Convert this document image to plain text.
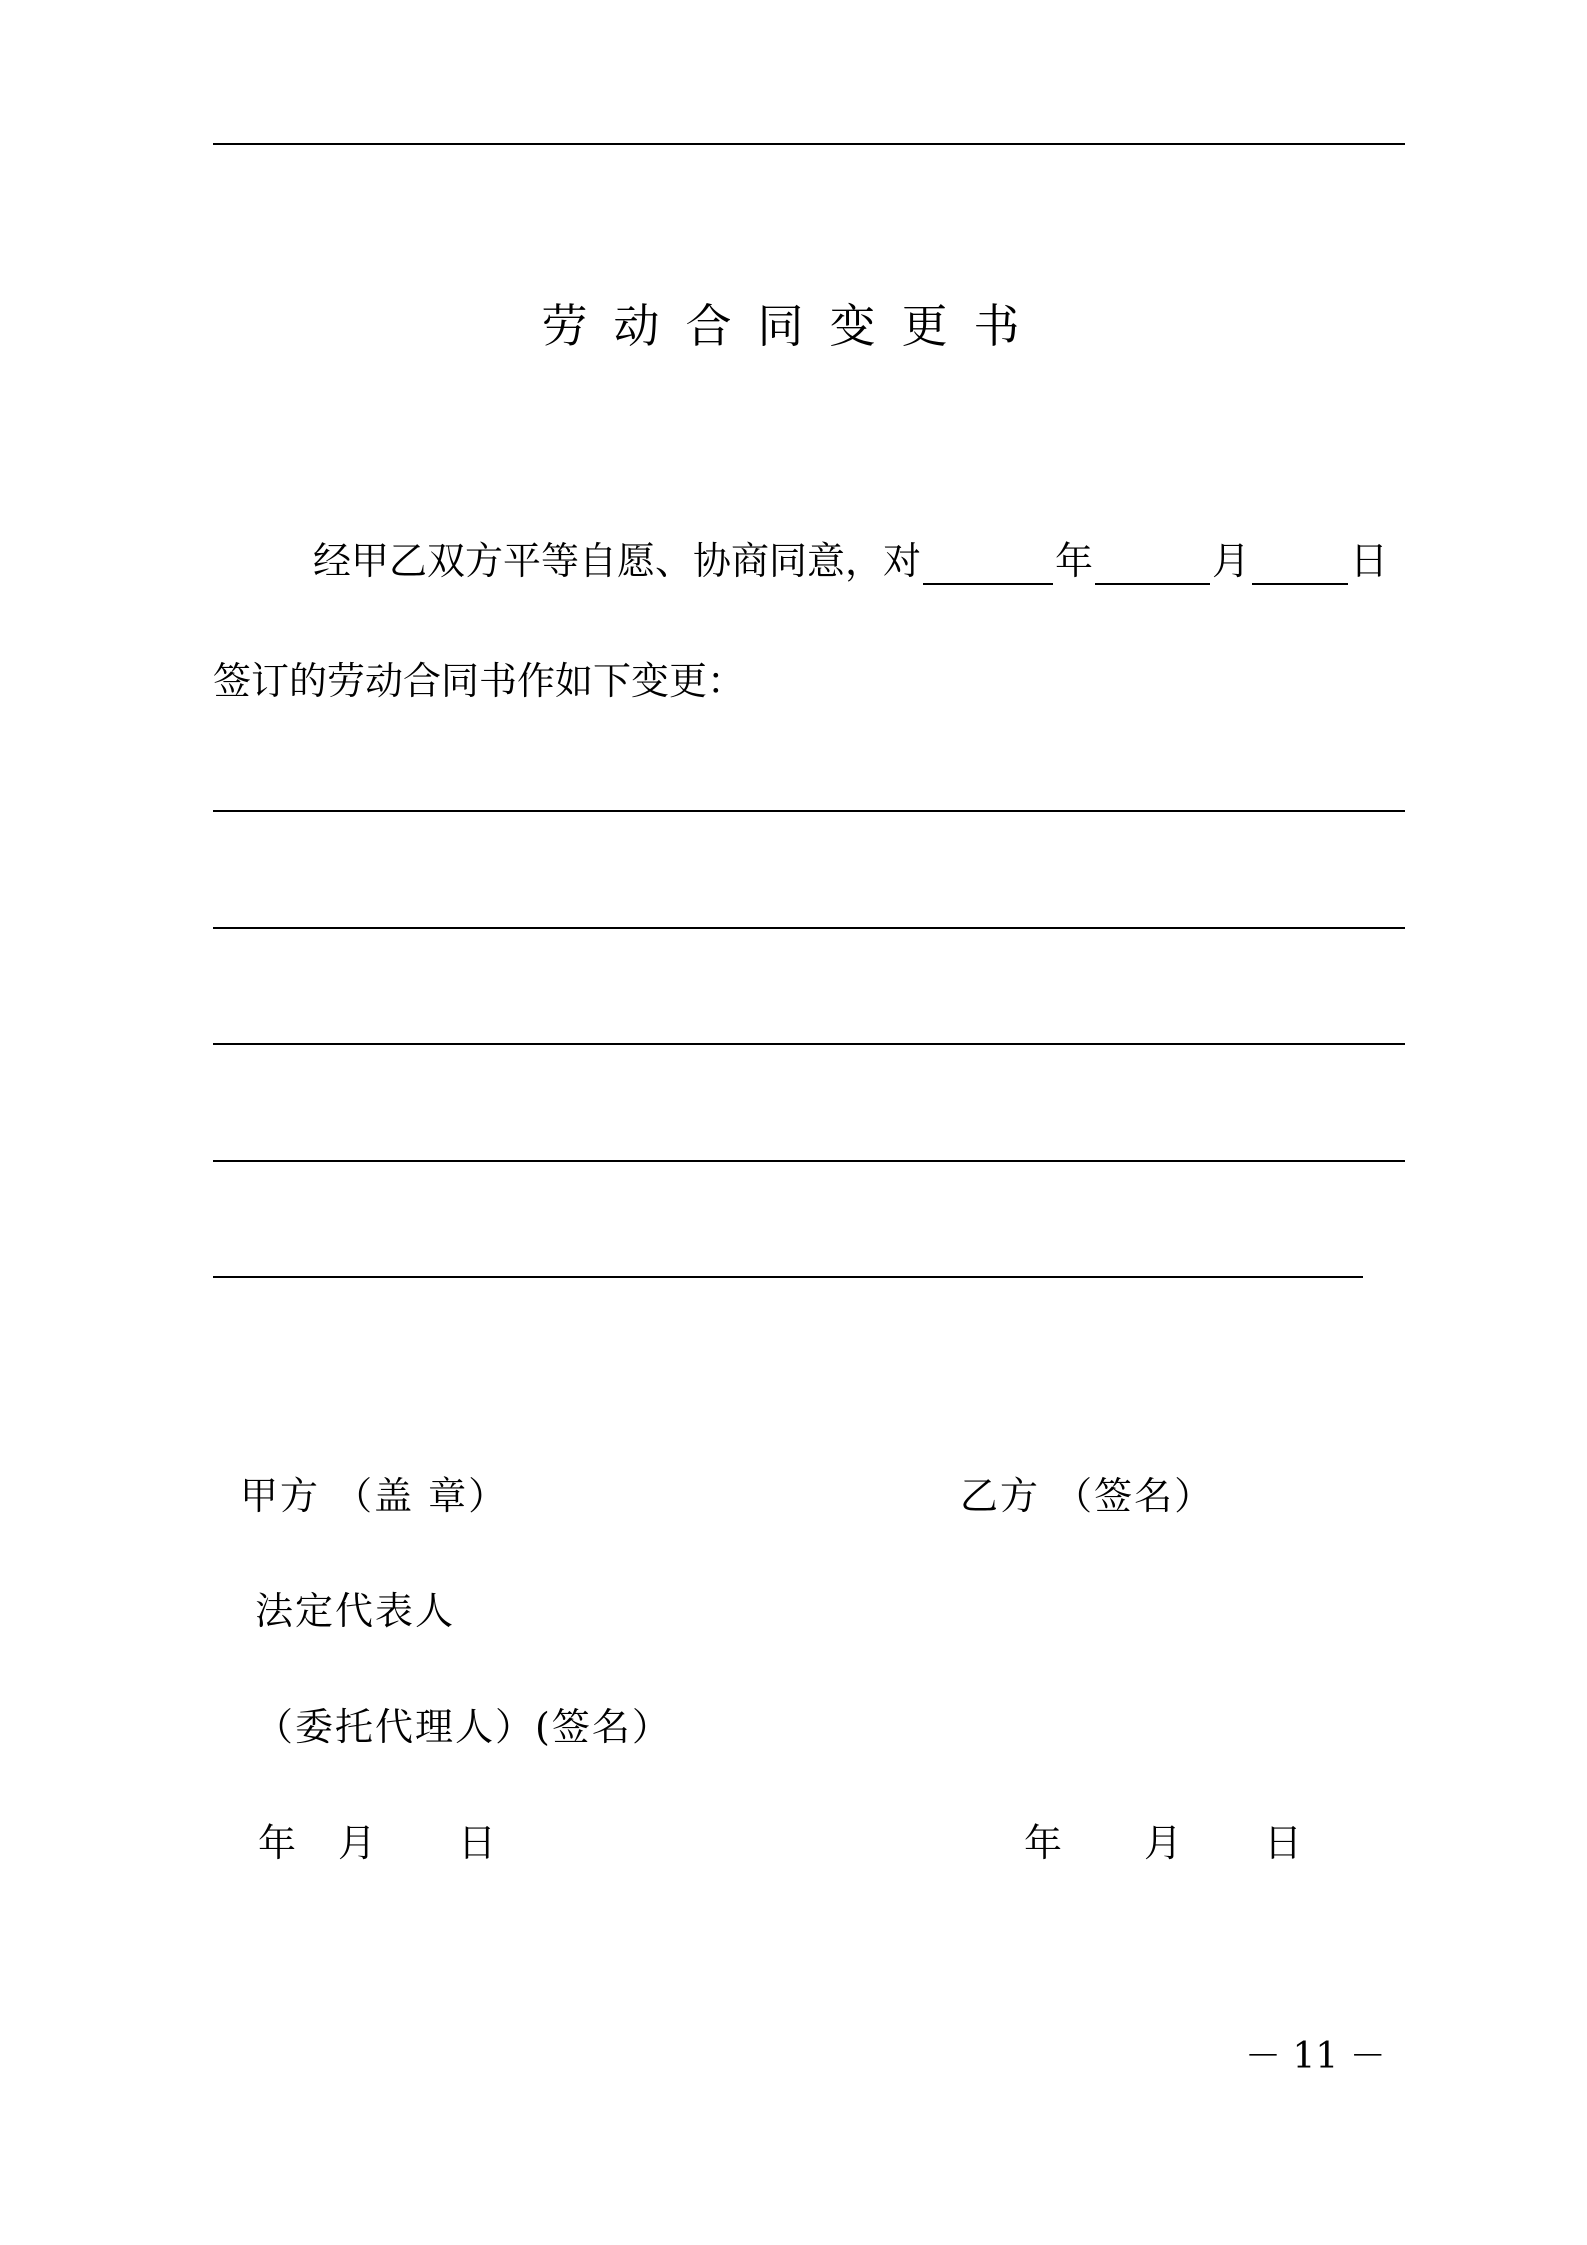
劳动合同变更书
经甲乙双方平等自愿、协商同意，对	年	月	日
签订的劳动合同书作如下变更：
甲方 （盖 章）	乙方 （签名）
法定代表人
（委托代理人）(签名）
年　月　　日	年　　月　　日
－ 11 －
